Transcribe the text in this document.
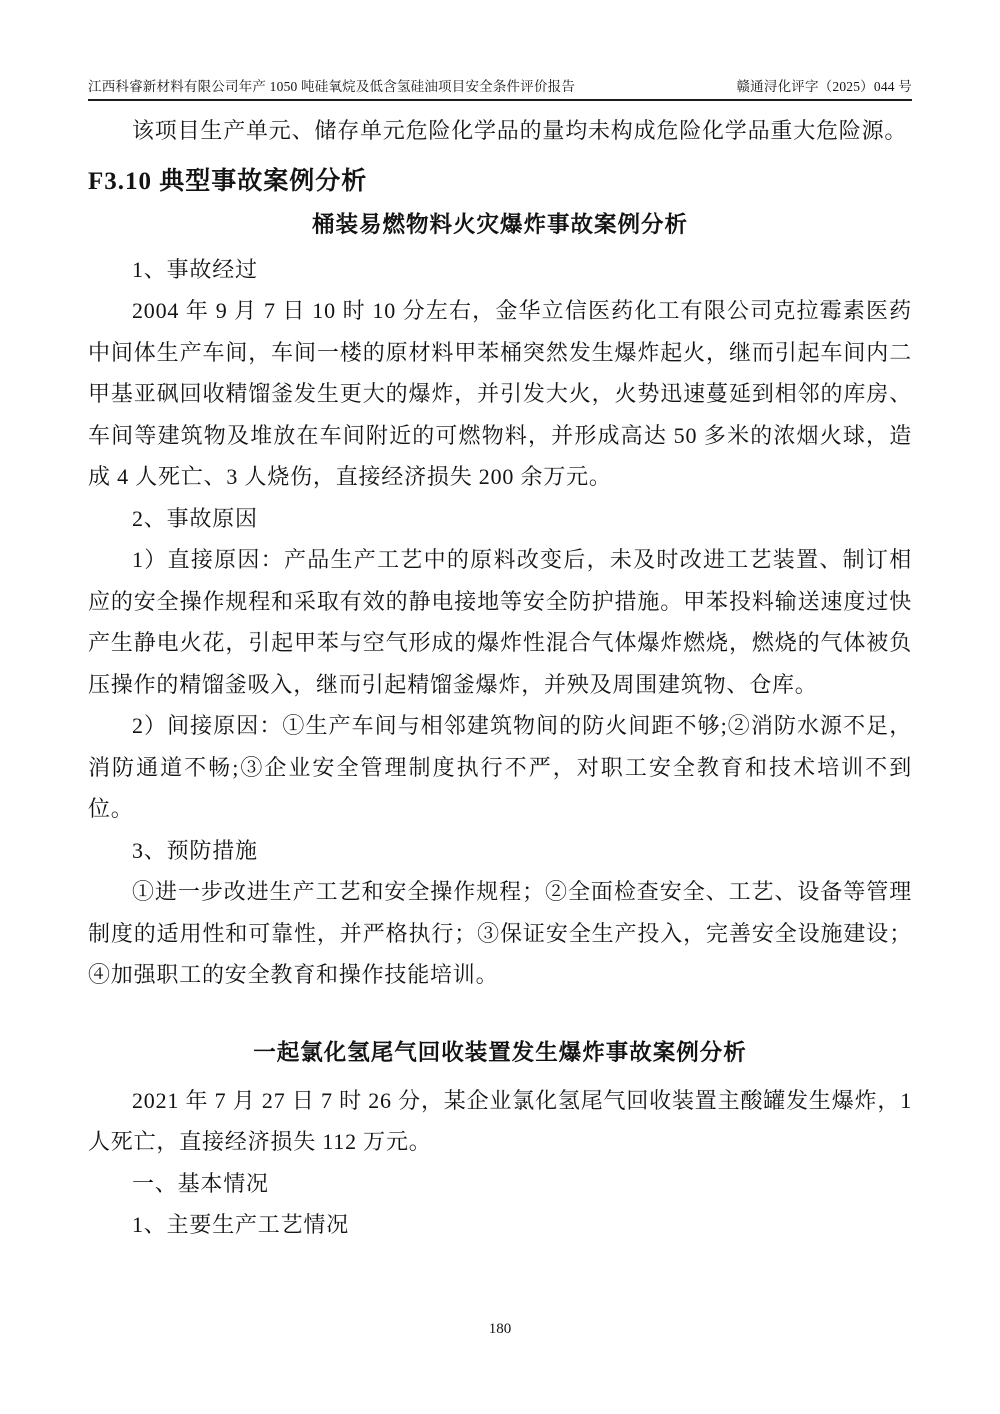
江西科睿新材料有限公司年产 1050 吨硅氧烷及低含氢硅油项目安全条件评价报告	赣通浔化评字（2025）044 号

该项目生产单元、储存单元危险化学品的量均未构成危险化学品重大危险源。

F3.10 典型事故案例分析
桶装易燃物料火灾爆炸事故案例分析

1、事故经过

2004 年 9 月 7 日 10 时 10 分左右，金华立信医药化工有限公司克拉霉素医药中间体生产车间，车间一楼的原材料甲苯桶突然发生爆炸起火，继而引起车间内二甲基亚砜回收精馏釜发生更大的爆炸，并引发大火，火势迅速蔓延到相邻的库房、车间等建筑物及堆放在车间附近的可燃物料，并形成高达 50 多米的浓烟火球，造成 4 人死亡、3 人烧伤，直接经济损失 200 余万元。

2、事故原因

1）直接原因：产品生产工艺中的原料改变后，未及时改进工艺装置、制订相应的安全操作规程和采取有效的静电接地等安全防护措施。甲苯投料输送速度过快产生静电火花，引起甲苯与空气形成的爆炸性混合气体爆炸燃烧，燃烧的气体被负压操作的精馏釜吸入，继而引起精馏釜爆炸，并殃及周围建筑物、仓库。

2）间接原因：①生产车间与相邻建筑物间的防火间距不够;②消防水源不足，消防通道不畅;③企业安全管理制度执行不严，对职工安全教育和技术培训不到位。

3、预防措施

①进一步改进生产工艺和安全操作规程；②全面检查安全、工艺、设备等管理制度的适用性和可靠性，并严格执行；③保证安全生产投入，完善安全设施建设；④加强职工的安全教育和操作技能培训。

一起氯化氢尾气回收装置发生爆炸事故案例分析

2021 年 7 月 27 日 7 时 26 分，某企业氯化氢尾气回收装置主酸罐发生爆炸，1 人死亡，直接经济损失 112 万元。

一、基本情况

1、主要生产工艺情况

180
